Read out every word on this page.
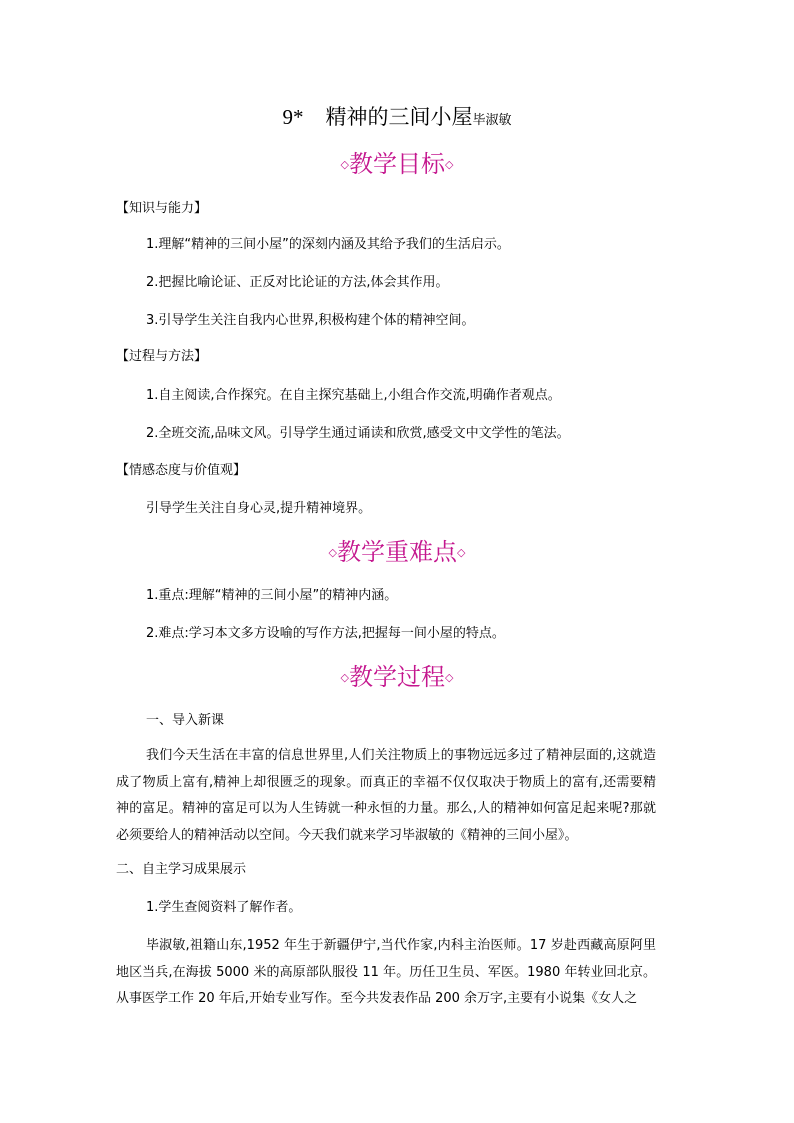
9* 精神的三间小屋毕淑敏
◇教学目标◇
【知识与能力】
1.理解“精神的三间小屋”的深刻内涵及其给予我们的生活启示。
2.把握比喻论证、正反对比论证的方法,体会其作用。
3.引导学生关注自我内心世界,积极构建个体的精神空间。
【过程与方法】
1.自主阅读,合作探究。在自主探究基础上,小组合作交流,明确作者观点。
2.全班交流,品味文风。引导学生通过诵读和欣赏,感受文中文学性的笔法。
【情感态度与价值观】
引导学生关注自身心灵,提升精神境界。
◇教学重难点◇
1.重点:理解“精神的三间小屋”的精神内涵。
2.难点:学习本文多方设喻的写作方法,把握每一间小屋的特点。
◇教学过程◇
一、导入新课
我们今天生活在丰富的信息世界里,人们关注物质上的事物远远多过了精神层面的,这就造成了物质上富有,精神上却很匮乏的现象。而真正的幸福不仅仅取决于物质上的富有,还需要精神的富足。精神的富足可以为人生铸就一种永恒的力量。那么,人的精神如何富足起来呢?那就必须要给人的精神活动以空间。今天我们就来学习毕淑敏的《精神的三间小屋》。
二、自主学习成果展示
1.学生查阅资料了解作者。
毕淑敏,祖籍山东,1952 年生于新疆伊宁,当代作家,内科主治医师。17 岁赴西藏高原阿里地区当兵,在海拔 5000 米的高原部队服役 11 年。历任卫生员、军医。1980 年转业回北京。从事医学工作 20 年后,开始专业写作。至今共发表作品 200 余万字,主要有小说集《女人之
